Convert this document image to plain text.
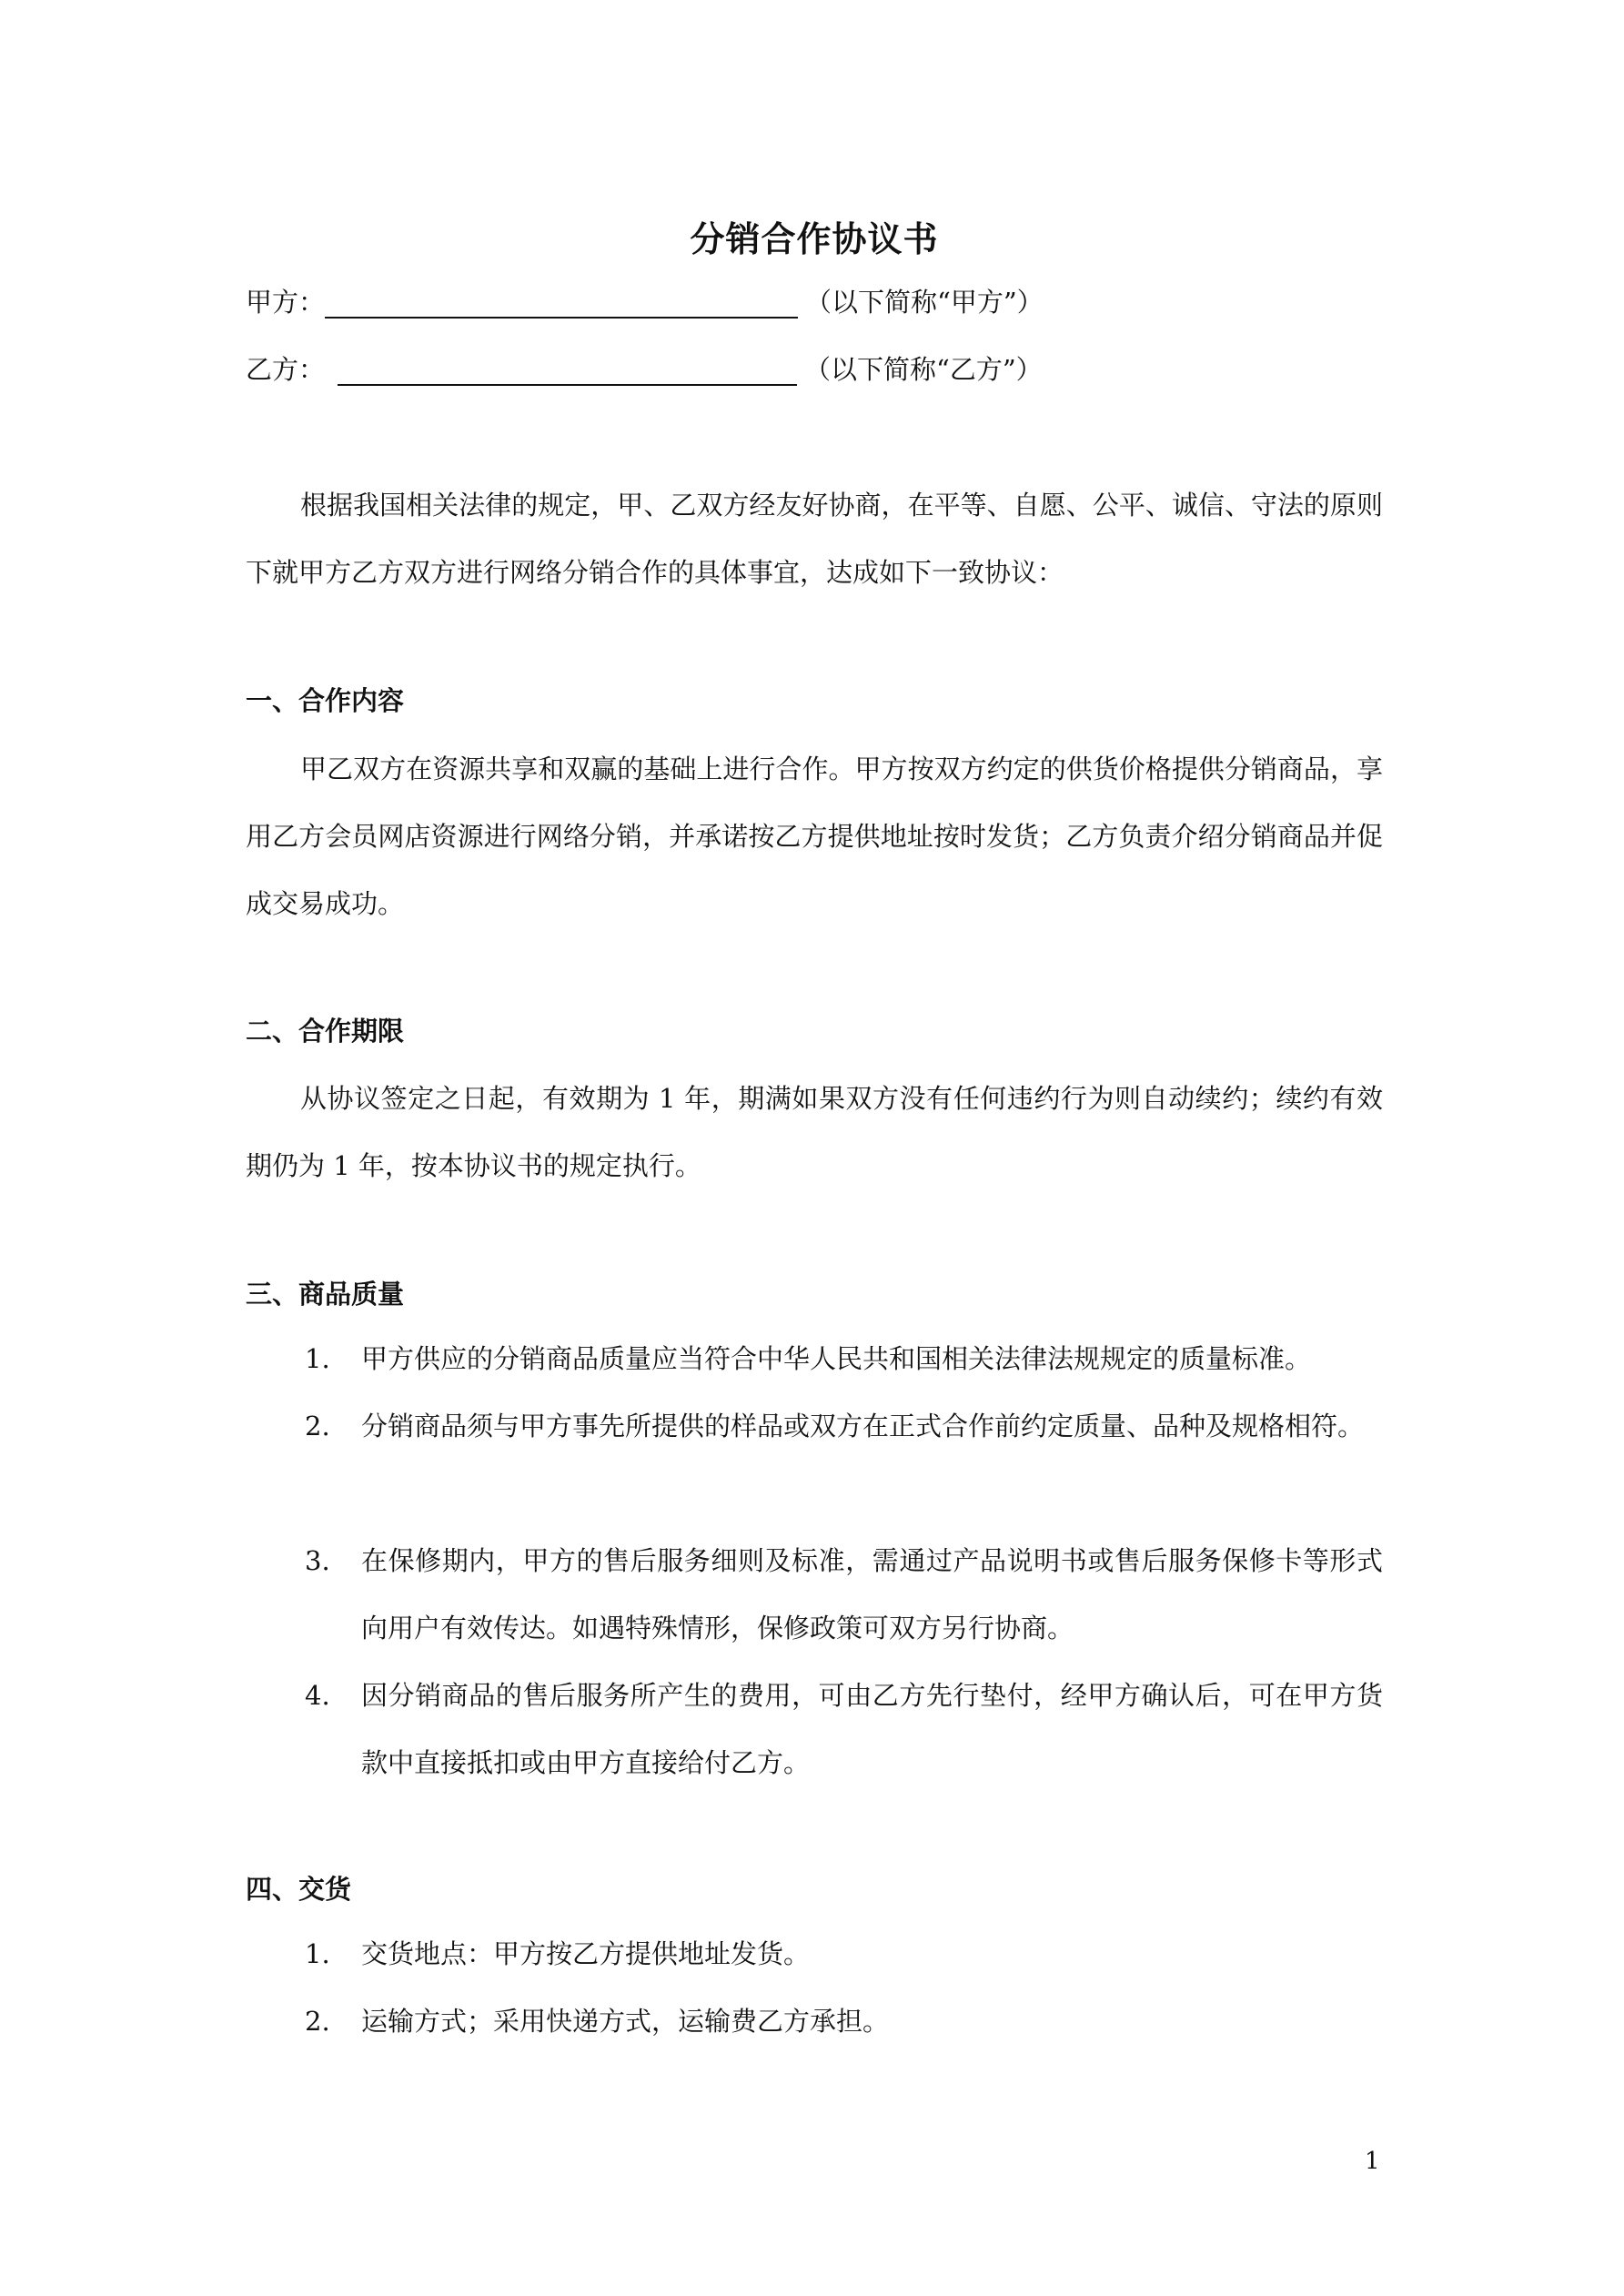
分销合作协议书
甲方：	（以下简称“甲方”）
乙方：	（以下简称“乙方”）

根据我国相关法律的规定，甲、乙双方经友好协商，在平等、自愿、公平、诚信、守法的原则下就甲方乙方双方进行网络分销合作的具体事宜，达成如下一致协议：

一、合作内容

甲乙双方在资源共享和双赢的基础上进行合作。甲方按双方约定的供货价格提供分销商品，享用乙方会员网店资源进行网络分销，并承诺按乙方提供地址按时发货；乙方负责介绍分销商品并促成交易成功。

二、合作期限

从协议签定之日起，有效期为 1 年，期满如果双方没有任何违约行为则自动续约；续约有效期仍为 1 年，按本协议书的规定执行。

三、商品质量
1.	甲方供应的分销商品质量应当符合中华人民共和国相关法律法规规定的质量标准。
2.	分销商品须与甲方事先所提供的样品或双方在正式合作前约定质量、品种及规格相符。
3.	在保修期内，甲方的售后服务细则及标准，需通过产品说明书或售后服务保修卡等形式向用户有效传达。如遇特殊情形，保修政策可双方另行协商。
4.	因分销商品的售后服务所产生的费用，可由乙方先行垫付，经甲方确认后，可在甲方货款中直接抵扣或由甲方直接给付乙方。
四、交货
1.	交货地点：甲方按乙方提供地址发货。
2.	运输方式；采用快递方式，运输费乙方承担。
1
